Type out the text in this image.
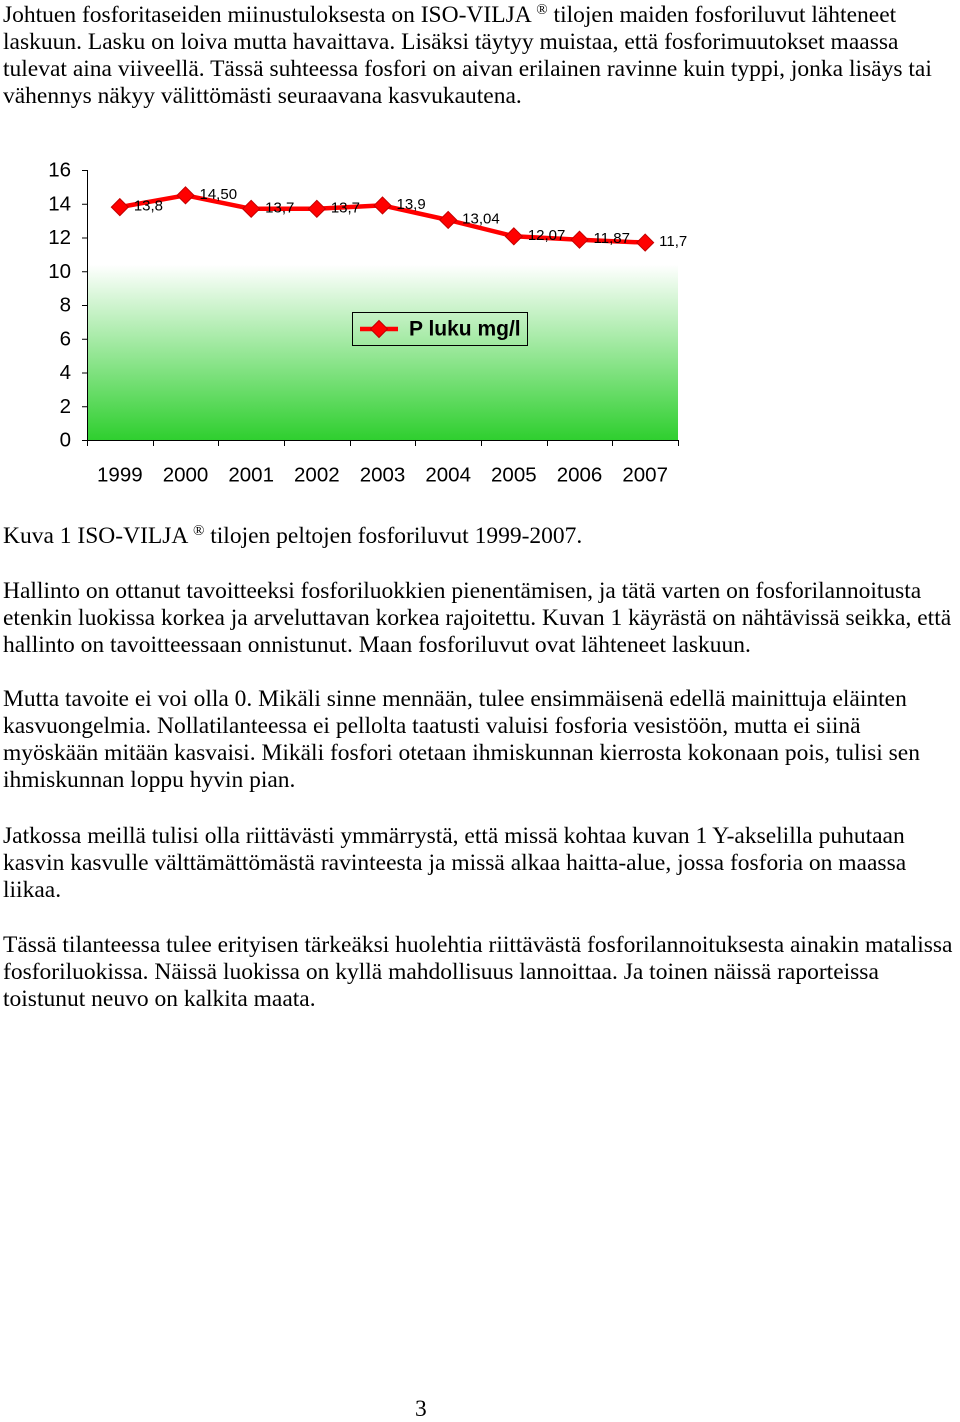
Johtuen fosforitaseiden miinustuloksesta on ISO-VILJA ® tilojen maiden fosforiluvut lähteneet
laskuun. Lasku on loiva mutta havaittava. Lisäksi täytyy muistaa, että fosforimuutokset maassa
tulevat aina viiveellä. Tässä suhteessa fosfori on aivan erilainen ravinne kuin typpi, jonka lisäys tai
vähennys näkyy välittömästi seuraavana kasvukautena.
0
2
4
6
8
10
12
14
16
1999 2000 2001 2002 2003 2004 2005 2006 2007
13,8
14,50
13,7 13,7 13,9
13,04
12,07 11,87 11,7
P luku mg/l
Kuva 1 ISO-VILJA ® tilojen peltojen fosforiluvut 1999-2007.
Hallinto on ottanut tavoitteeksi fosforiluokkien pienentämisen, ja tätä varten on fosforilannoitusta
etenkin luokissa korkea ja arveluttavan korkea rajoitettu. Kuvan 1 käyrästä on nähtävissä seikka, että
hallinto on tavoitteessaan onnistunut. Maan fosforiluvut ovat lähteneet laskuun.
Mutta tavoite ei voi olla 0. Mikäli sinne mennään, tulee ensimmäisenä edellä mainittuja eläinten
kasvuongelmia. Nollatilanteessa ei pellolta taatusti valuisi fosforia vesistöön, mutta ei siinä
myöskään mitään kasvaisi. Mikäli fosfori otetaan ihmiskunnan kierrosta kokonaan pois, tulisi sen
ihmiskunnan loppu hyvin pian.
Jatkossa meillä tulisi olla riittävästi ymmärrystä, että missä kohtaa kuvan 1 Y-akselilla puhutaan
kasvin kasvulle välttämättömästä ravinteesta ja missä alkaa haitta-alue, jossa fosforia on maassa
liikaa.
Tässä tilanteessa tulee erityisen tärkeäksi huolehtia riittävästä fosforilannoituksesta ainakin matalissa
fosforiluokissa. Näissä luokissa on kyllä mahdollisuus lannoittaa. Ja toinen näissä raporteissa
toistunut neuvo on kalkita maata.
3
